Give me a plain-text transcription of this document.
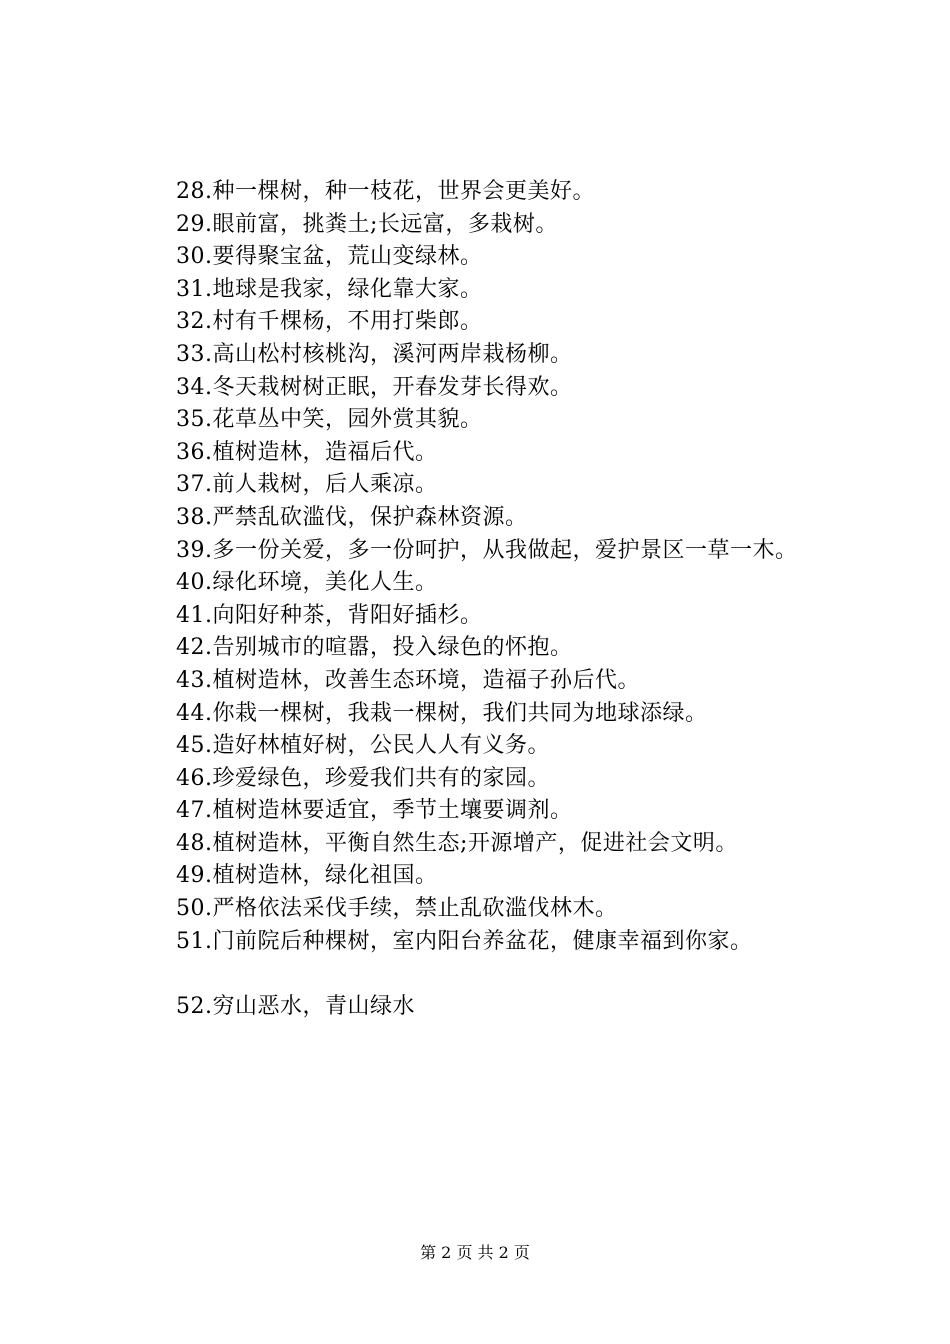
28.种一棵树，种一枝花，世界会更美好。
29.眼前富，挑粪土;长远富，多栽树。
30.要得聚宝盆，荒山变绿林。
31.地球是我家，绿化靠大家。
32.村有千棵杨，不用打柴郎。
33.高山松村核桃沟，溪河两岸栽杨柳。
34.冬天栽树树正眠，开春发芽长得欢。
35.花草丛中笑，园外赏其貌。
36.植树造林，造福后代。
37.前人栽树，后人乘凉。
38.严禁乱砍滥伐，保护森林资源。
39.多一份关爱，多一份呵护，从我做起，爱护景区一草一木。
40.绿化环境，美化人生。
41.向阳好种茶，背阳好插杉。
42.告别城市的喧嚣，投入绿色的怀抱。
43.植树造林，改善生态环境，造福子孙后代。
44.你栽一棵树，我栽一棵树，我们共同为地球添绿。
45.造好林植好树，公民人人有义务。
46.珍爱绿色，珍爱我们共有的家园。
47.植树造林要适宜，季节土壤要调剂。
48.植树造林，平衡自然生态;开源增产，促进社会文明。
49.植树造林，绿化祖国。
50.严格依法采伐手续，禁止乱砍滥伐林木。
51.门前院后种棵树，室内阳台养盆花，健康幸福到你家。
52.穷山恶水，青山绿水
第 2 页 共 2 页
